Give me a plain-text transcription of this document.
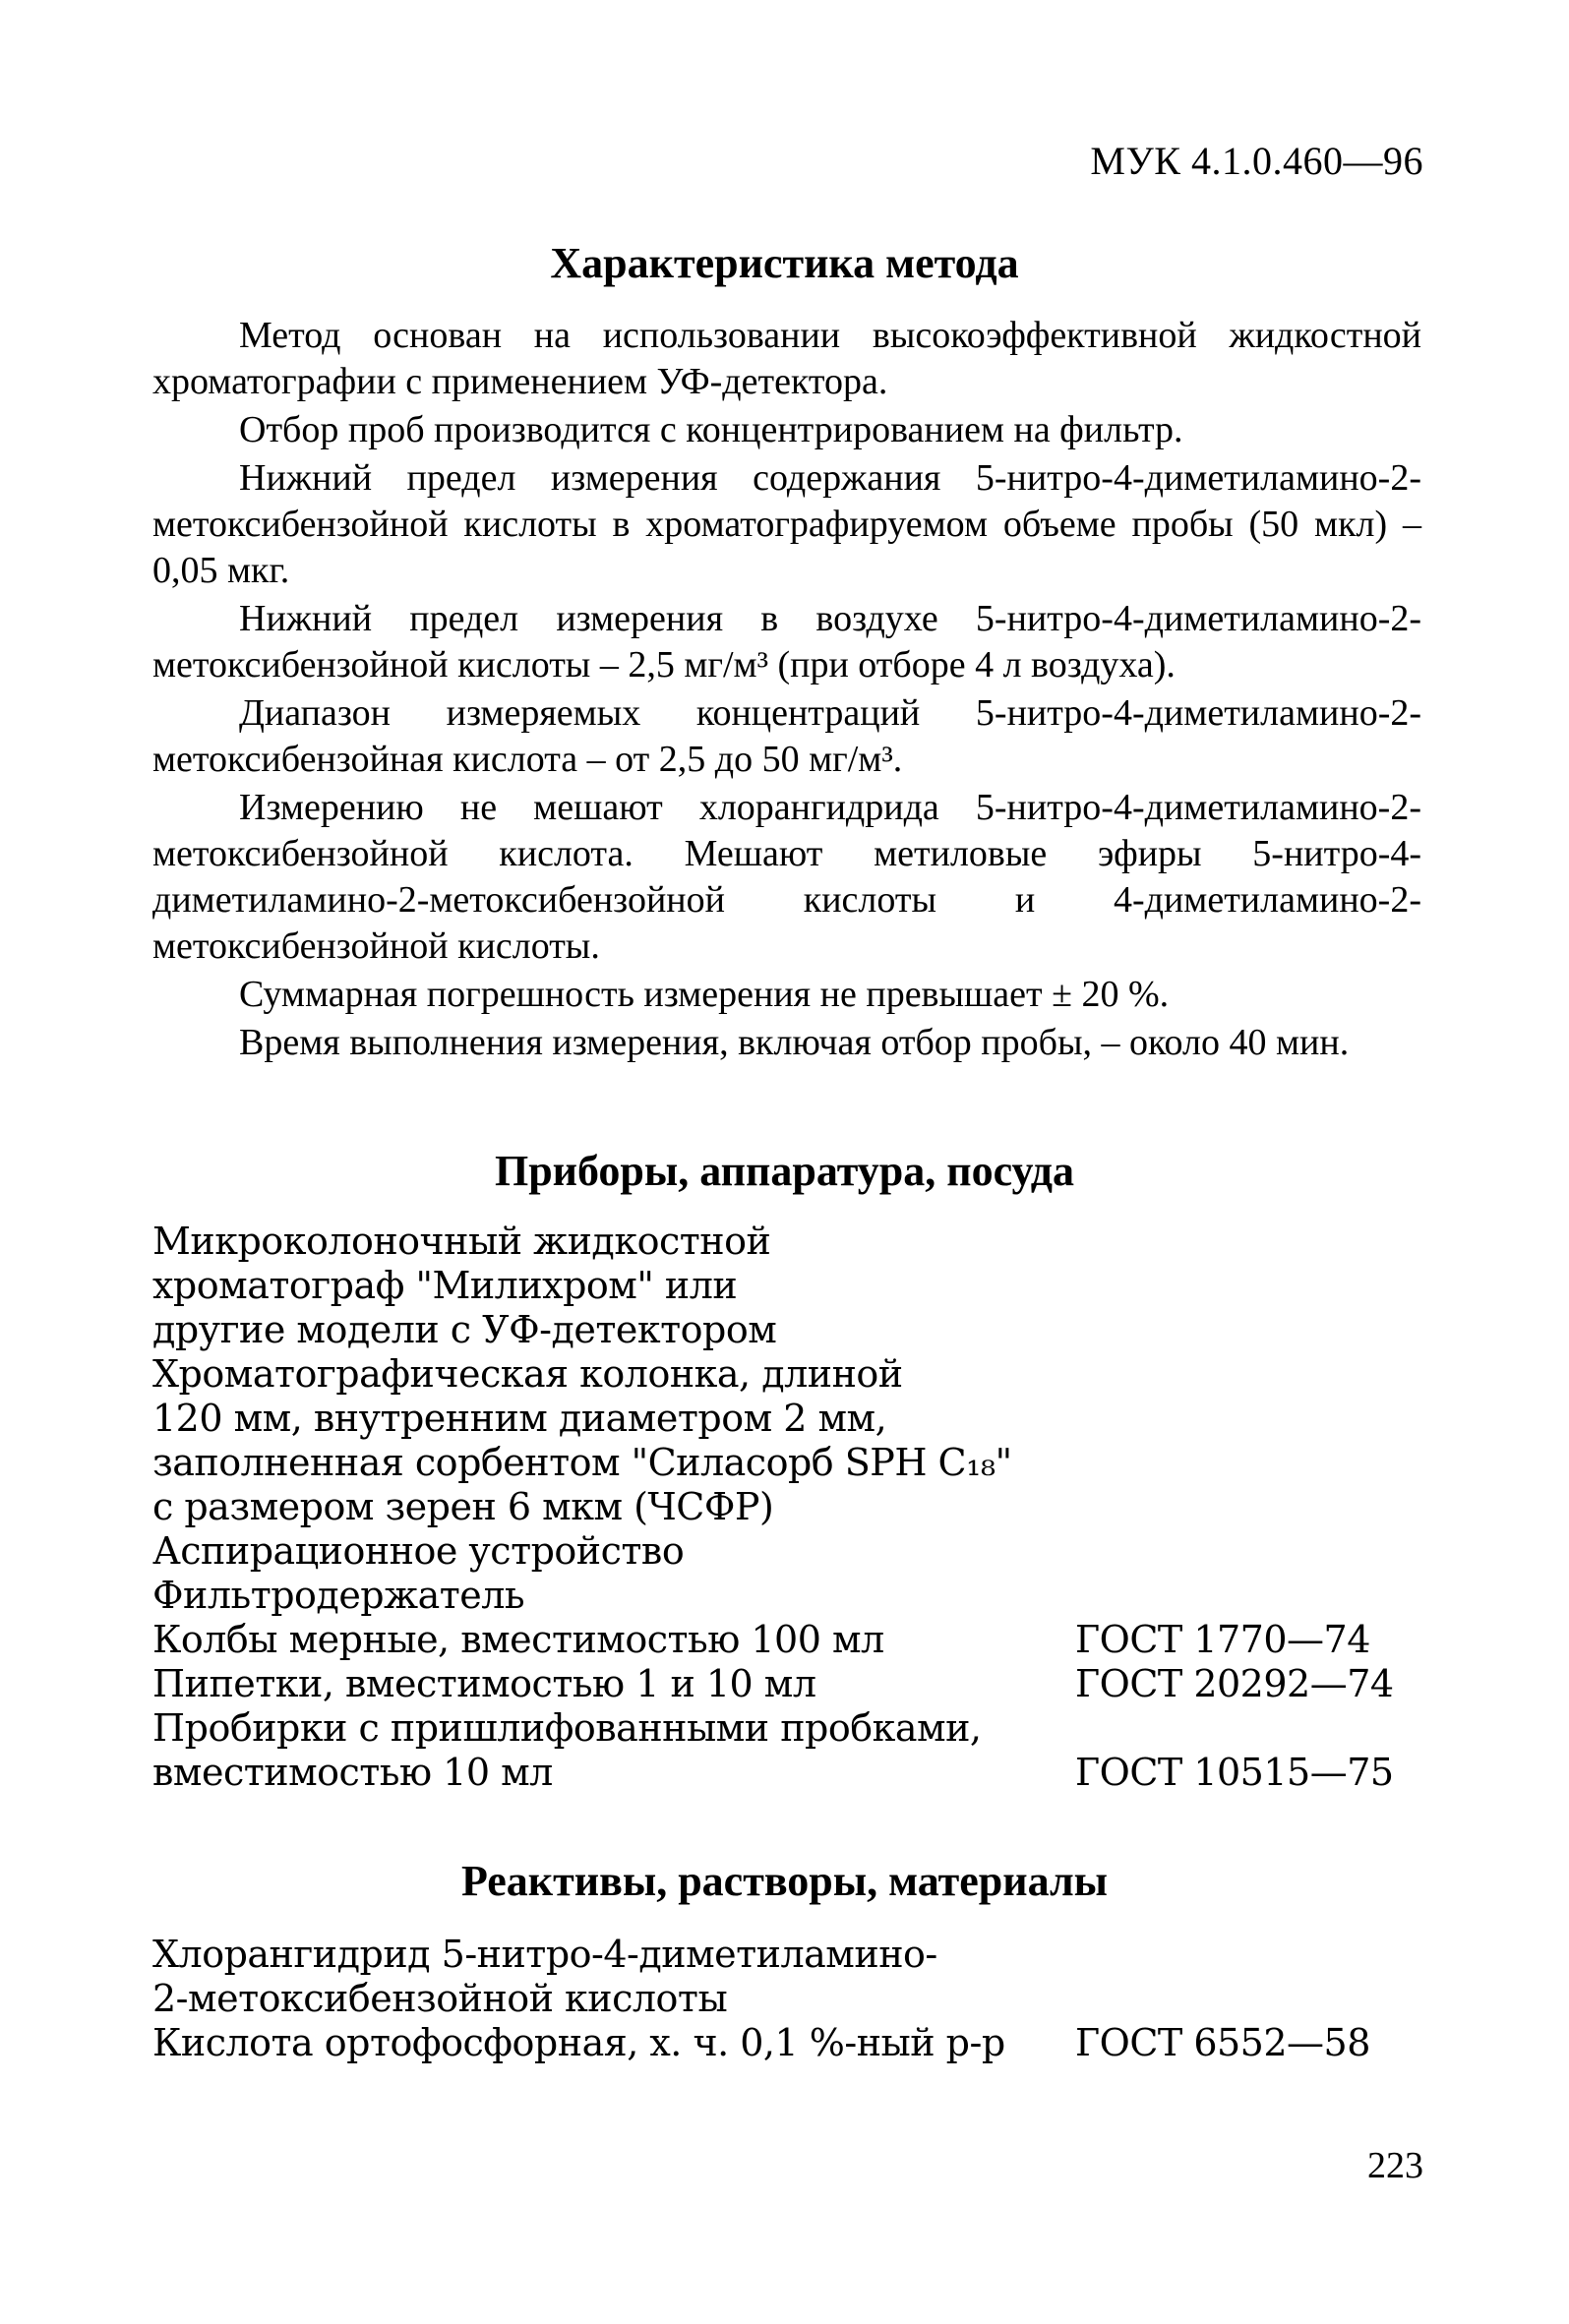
МУК 4.1.0.460—96
Характеристика метода

Метод основан на использовании высокоэффективной жидкостной хроматографии с применением УФ-детектора.

Отбор проб производится с концентрированием на фильтр.

Нижний предел измерения содержания 5-нитро-4-диметиламино-2-метоксибензойной кислоты в хроматографируемом объеме пробы (50 мкл) – 0,05 мкг.

Нижний предел измерения в воздухе 5-нитро-4-диметиламино-2-метоксибензойной кислоты – 2,5 мг/м³ (при отборе 4 л воздуха).

Диапазон измеряемых концентраций 5-нитро-4-диметиламино-2-метоксибензойная кислота – от 2,5 до 50 мг/м³.

Измерению не мешают хлорангидрида 5-нитро-4-диметиламино-2-метоксибензойной кислота. Мешают метиловые эфиры 5-нитро-4-диметиламино-2-метоксибензойной кислоты и 4-диметиламино-2-метоксибензойной кислоты.

Суммарная погрешность измерения не превышает ± 20 %.

Время выполнения измерения, включая отбор пробы, – около 40 мин.

Приборы, аппаратура, посуда
Микроколоночный жидкостной
хроматограф "Милихром" или
другие модели с УФ-детектором
Хроматографическая колонка, длиной
120 мм, внутренним диаметром 2 мм,
заполненная сорбентом "Силасорб SPH C₁₈"
с размером зерен 6 мкм (ЧСФР)
Аспирационное устройство
Фильтродержатель
Колбы мерные, вместимостью 100 мл	ГОСТ 1770—74
Пипетки, вместимостью 1 и 10 мл	ГОСТ 20292—74
Пробирки с пришлифованными пробками,
вместимостью 10 мл	ГОСТ 10515—75
Реактивы, растворы, материалы
Хлорангидрид 5-нитро-4-диметиламино-
2-метоксибензойной кислоты
Кислота ортофосфорная, х. ч. 0,1 %-ный р-р ГОСТ 6552—58
223
